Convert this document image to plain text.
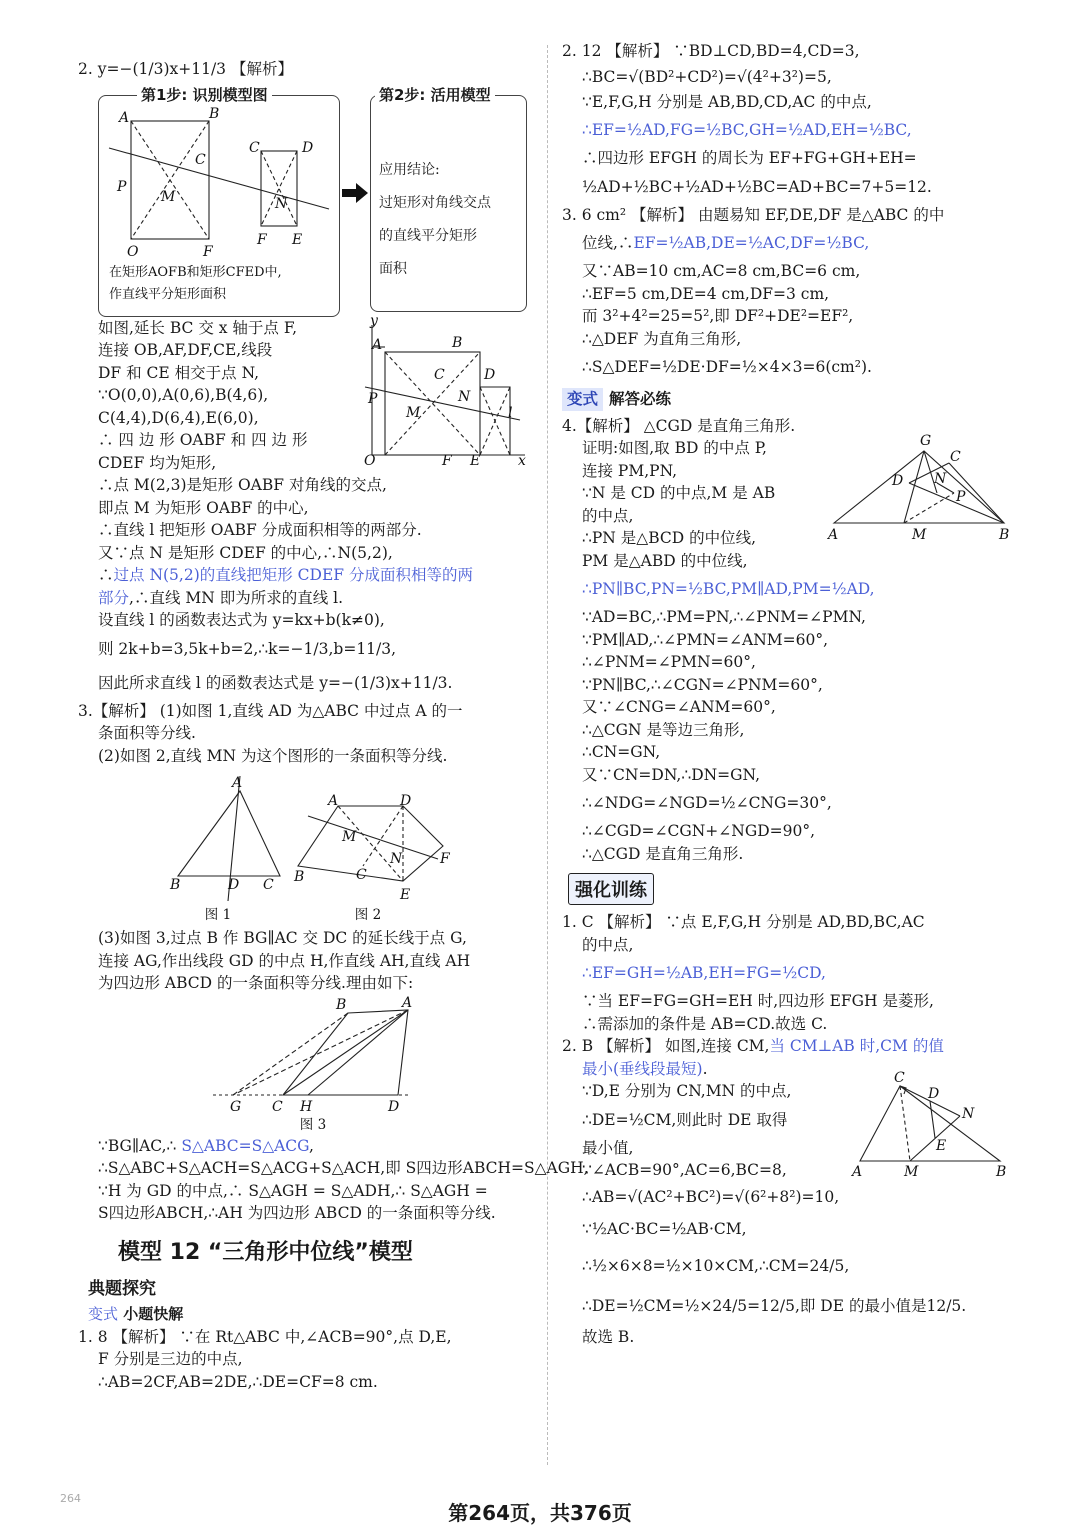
2. y=−(1/3)x+11/3 【解析】

第1步: 识别模型图
A	B
C
P
M
O	F
C	D
N
F E
在矩形AOFB和矩形CFED中,
作直线平分矩形面积
第2步: 活用模型
应用结论:
过矩形对角线交点
的直线平分矩形
面积
y
A	B
C	D
P
M
N
l
O	F E	x

如图,延长 BC 交 x 轴于点 F,

连接 OB,AF,DF,CE,线段

DF 和 CE 相交于点 N,

∵O(0,0),A(0,6),B(4,6),

C(4,4),D(6,4),E(6,0),

∴ 四 边 形 OABF 和 四 边 形

CDEF 均为矩形,

∴点 M(2,3)是矩形 OABF 对角线的交点,

即点 M 为矩形 OABF 的中心,

∴直线 l 把矩形 OABF 分成面积相等的两部分.

又∵点 N 是矩形 CDEF 的中心,∴N(5,2),

∴过点 N(5,2)的直线把矩形 CDEF 分成面积相等的两

部分,∴直线 MN 即为所求的直线 l.

设直线 l 的函数表达式为 y=kx+b(k≠0),

则 2k+b=3,5k+b=2,∴k=−1/3,b=11/3,

因此所求直线 l 的函数表达式是 y=−(1/3)x+11/3.

3.【解析】 (1)如图 1,直线 AD 为△ABC 中过点 A 的一

条面积等分线.

(2)如图 2,直线 MN 为这个图形的一条面积等分线.

A
B	D C
A	D
M
B	C
N	F
E
图 1	图 2

(3)如图 3,过点 B 作 BG∥AC 交 DC 的延长线于点 G,

连接 AG,作出线段 GD 的中点 H,作直线 AH,直线 AH

为四边形 ABCD 的一条面积等分线.理由如下:

B	A
G C H	D
图 3

∵BG∥AC,∴ S△ABC=S△ACG,

∴S△ABC+S△ACH=S△ACG+S△ACH,即 S四边形ABCH=S△AGH,

∵H 为 GD 的中点,∴ S△AGH = S△ADH,∴ S△AGH =

S四边形ABCH,∴AH 为四边形 ABCD 的一条面积等分线.

模型 12 “三角形中位线”模型
典题探究
变式 小题快解

1. 8 【解析】 ∵在 Rt△ABC 中,∠ACB=90°,点 D,E,

F 分别是三边的中点,

∴AB=2CF,AB=2DE,∴DE=CF=8 cm.

2. 12 【解析】 ∵BD⊥CD,BD=4,CD=3,

∴BC=√(BD²+CD²)=√(4²+3²)=5,

∵E,F,G,H 分别是 AB,BD,CD,AC 的中点,

∴EF=½AD,FG=½BC,GH=½AD,EH=½BC,

∴四边形 EFGH 的周长为 EF+FG+GH+EH=

½AD+½BC+½AD+½BC=AD+BC=7+5=12.

3. 6 cm² 【解析】 由题易知 EF,DE,DF 是△ABC 的中

位线,∴EF=½AB,DE=½AC,DF=½BC,

又∵AB=10 cm,AC=8 cm,BC=6 cm,

∴EF=5 cm,DE=4 cm,DF=3 cm,

而 3²+4²=25=5²,即 DF²+DE²=EF²,

∴△DEF 为直角三角形,

∴S△DEF=½DE·DF=½×4×3=6(cm²).

变式 解答必练

G
C
D N
P
A	M	B

4.【解析】 △CGD 是直角三角形.

证明:如图,取 BD 的中点 P,

连接 PM,PN,

∵N 是 CD 的中点,M 是 AB

的中点,

∴PN 是△BCD 的中位线,

PM 是△ABD 的中位线,

∴PN∥BC,PN=½BC,PM∥AD,PM=½AD,

∵AD=BC,∴PM=PN,∴∠PNM=∠PMN,

∵PM∥AD,∴∠PMN=∠ANM=60°,

∴∠PNM=∠PMN=60°,

∵PN∥BC,∴∠CGN=∠PNM=60°,

又∵∠CNG=∠ANM=60°,

∴△CGN 是等边三角形,

∴CN=GN,

又∵CN=DN,∴DN=GN,

∴∠NDG=∠NGD=½∠CNG=30°,

∴∠CGD=∠CGN+∠NGD=90°,

∴△CGD 是直角三角形.

强化训练

1. C 【解析】 ∵点 E,F,G,H 分别是 AD,BD,BC,AC

的中点,

∴EF=GH=½AB,EH=FG=½CD,

∵当 EF=FG=GH=EH 时,四边形 EFGH 是菱形,

∴需添加的条件是 AB=CD.故选 C.

2. B 【解析】 如图,连接 CM,当 CM⊥AB 时,CM 的值

最小(垂线段最短).

C
D
N
E
A	M	B

∵D,E 分别为 CN,MN 的中点,

∴DE=½CM,则此时 DE 取得

最小值,

∵∠ACB=90°,AC=6,BC=8,

∴AB=√(AC²+BC²)=√(6²+8²)=10,

∵½AC·BC=½AB·CM,

∴½×6×8=½×10×CM,∴CM=24/5,

∴DE=½CM=½×24/5=12/5,即 DE 的最小值是12/5.

故选 B.

264
第264页，共376页
